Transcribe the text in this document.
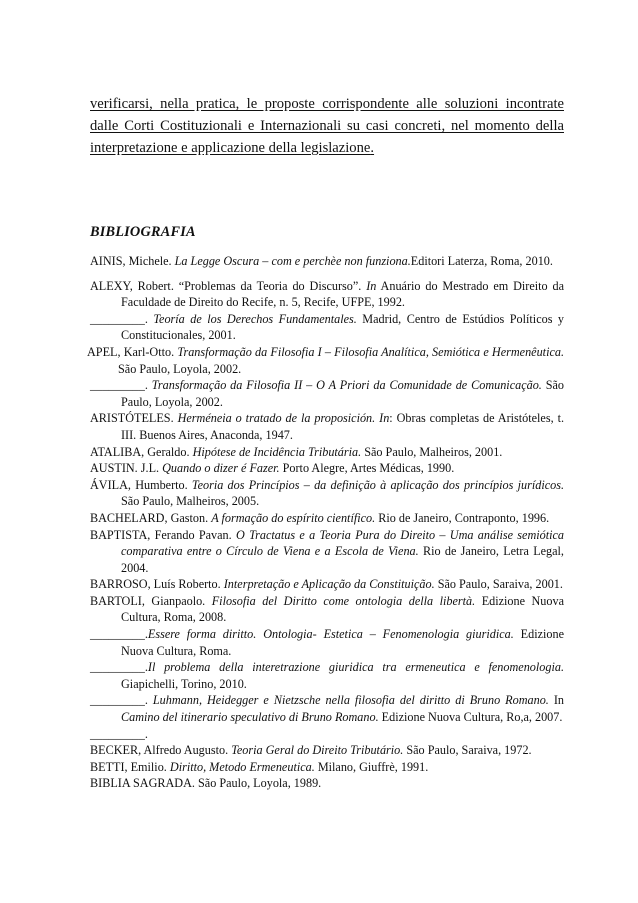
verificarsi, nella pratica, le proposte corrispondente alle soluzioni incontrate dalle Corti Costituzionali e Internazionali su casi concreti, nel momento della interpretazione e applicazione della legislazione.

BIBLIOGRAFIA

AINIS, Michele. La Legge Oscura – com e perchèe non funziona.Editori Laterza, Roma, 2010.

ALEXY, Robert. “Problemas da Teoria do Discurso”. In Anuário do Mestrado em Direito da Faculdade de Direito do Recife, n. 5, Recife, UFPE, 1992.

_________. Teoría de los Derechos Fundamentales. Madrid, Centro de Estúdios Políticos y Constitucionales, 2001.

APEL, Karl-Otto. Transformação da Filosofia I – Filosofia Analítica, Semiótica e Hermenêutica. São Paulo, Loyola, 2002.

_________. Transformação da Filosofia II – O A Priori da Comunidade de Comunicação. São Paulo, Loyola, 2002.

ARISTÓTELES. Herméneia o tratado de la proposición. In: Obras completas de Aristóteles, t. III. Buenos Aires, Anaconda, 1947.

ATALIBA, Geraldo. Hipótese de Incidência Tributária. São Paulo, Malheiros, 2001.

AUSTIN. J.L. Quando o dizer é Fazer. Porto Alegre, Artes Médicas, 1990.

ÁVILA, Humberto. Teoria dos Princípios – da definição à aplicação dos princípios jurídicos. São Paulo, Malheiros, 2005.

BACHELARD, Gaston. A formação do espírito científico. Rio de Janeiro, Contraponto, 1996.

BAPTISTA, Ferando Pavan. O Tractatus e a Teoria Pura do Direito – Uma análise semiótica comparativa entre o Círculo de Viena e a Escola de Viena. Rio de Janeiro, Letra Legal, 2004.

BARROSO, Luís Roberto. Interpretação e Aplicação da Constituição. São Paulo, Saraiva, 2001.

BARTOLI, Gianpaolo. Filosofia del Diritto come ontologia della libertà. Edizione Nuova Cultura, Roma, 2008.

_________.Essere forma diritto. Ontologia- Estetica – Fenomenologia giuridica. Edizione Nuova Cultura, Roma.

_________.Il problema della interetrazione giuridica tra ermeneutica e fenomenologia. Giapichelli, Torino, 2010.

_________. Luhmann, Heidegger e Nietzsche nella filosofia del diritto di Bruno Romano. In Camino del itinerario speculativo di Bruno Romano. Edizione Nuova Cultura, Ro,a, 2007.

_________.

BECKER, Alfredo Augusto. Teoria Geral do Direito Tributário. São Paulo, Saraiva, 1972.

BETTI, Emilio. Diritto, Metodo Ermeneutica. Milano, Giuffrè, 1991.

BIBLIA SAGRADA. São Paulo, Loyola, 1989.
